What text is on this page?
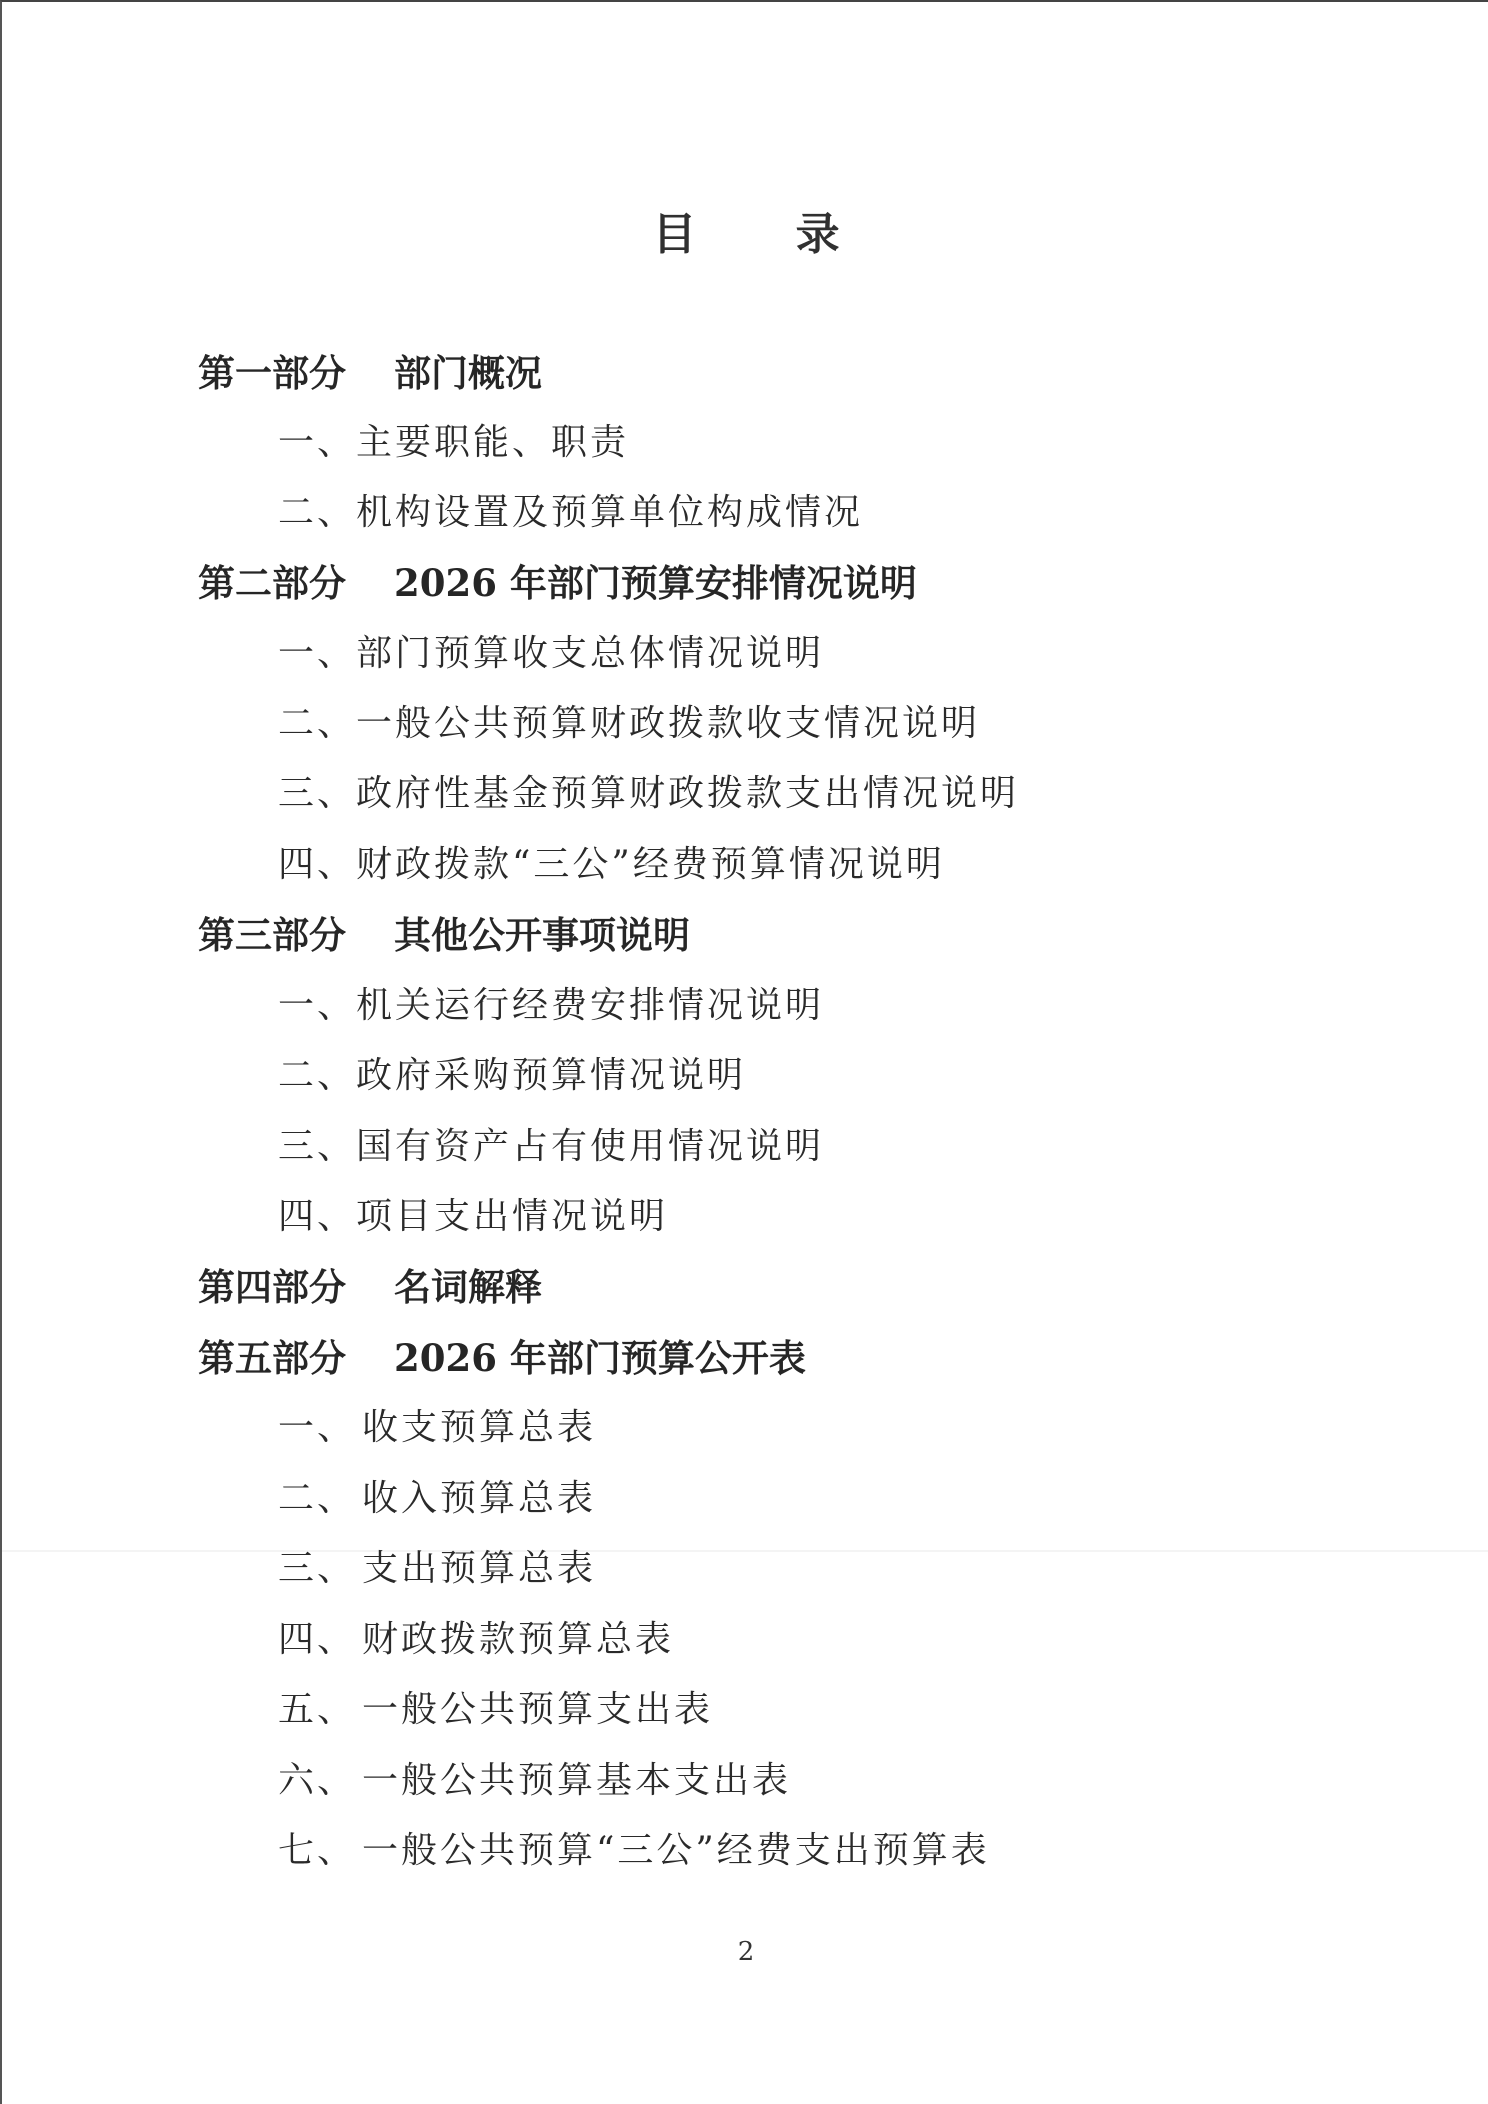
目 录
第一部分 部门概况
一、主要职能、职责
二、机构设置及预算单位构成情况
第二部分 2026 年部门预算安排情况说明
一、部门预算收支总体情况说明
二、一般公共预算财政拨款收支情况说明
三、政府性基金预算财政拨款支出情况说明
四、财政拨款“三公”经费预算情况说明
第三部分 其他公开事项说明
一、机关运行经费安排情况说明
二、政府采购预算情况说明
三、国有资产占有使用情况说明
四、项目支出情况说明
第四部分 名词解释
第五部分 2026 年部门预算公开表
一、 收支预算总表
二、 收入预算总表
三、 支出预算总表
四、 财政拨款预算总表
五、 一般公共预算支出表
六、 一般公共预算基本支出表
七、 一般公共预算“三公”经费支出预算表
2
